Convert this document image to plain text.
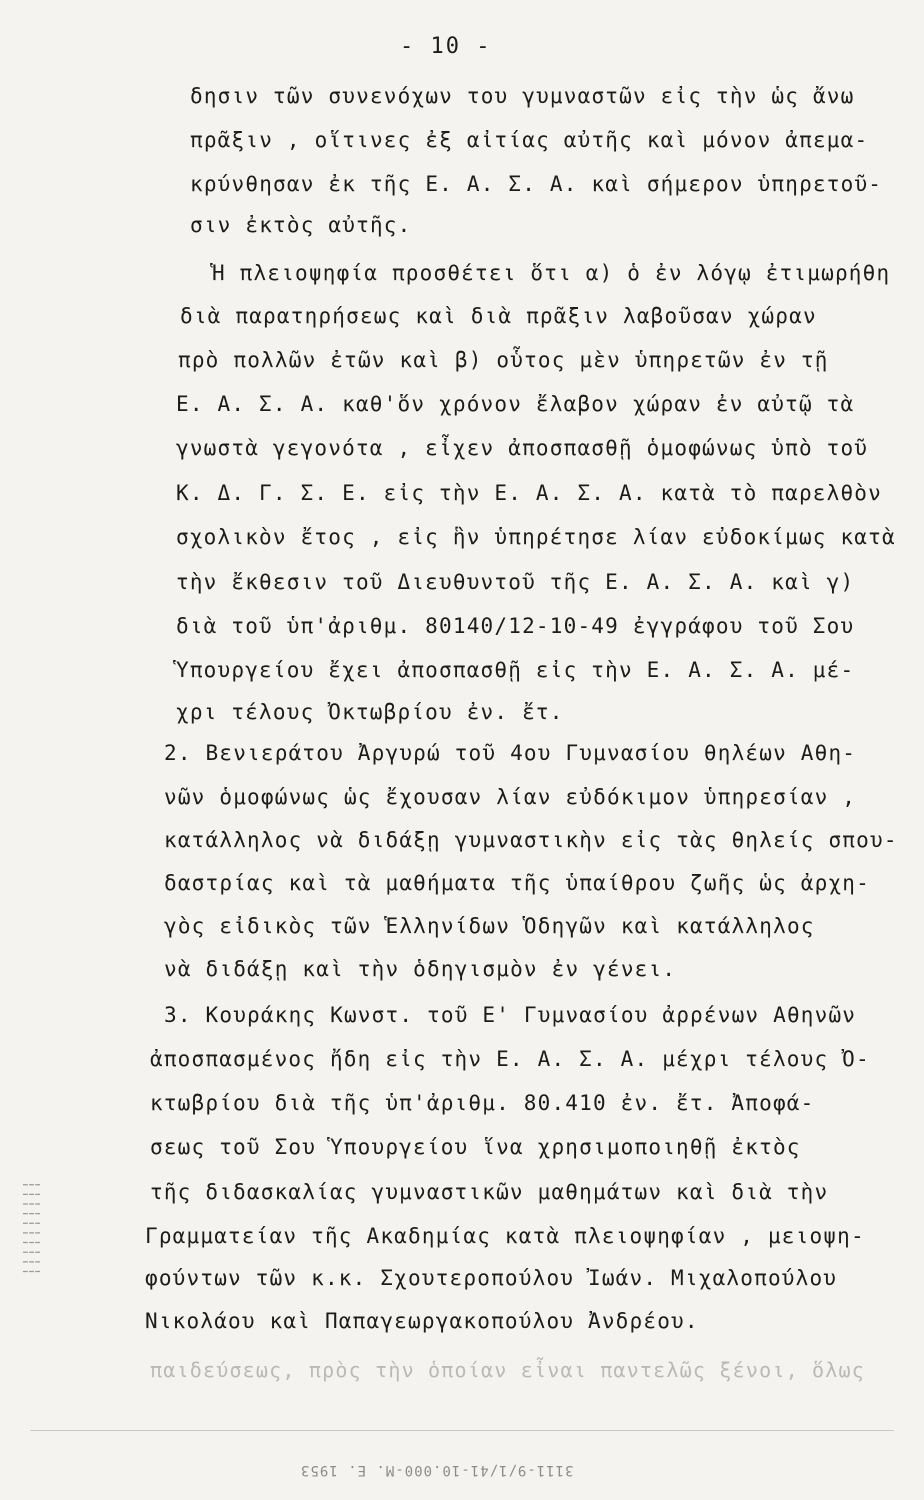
- 10 -
δησιν τῶν συνενόχων του γυμναστῶν εἰς τὴν ὡς ἄνω
πρᾶξιν , οἵτινες ἐξ αἰτίας αὐτῆς καὶ μόνον ἀπεμα-
κρύνθησαν ἐκ τῆς Ε. Α. Σ. Α. καὶ σήμερον ὑπηρετοῦ-
σιν ἐκτὸς αὐτῆς.
Ἡ πλειοψηφία προσθέτει ὅτι α) ὁ ἐν λόγῳ ἐτιμωρήθη
διὰ παρατηρήσεως καὶ διὰ πρᾶξιν λαβοῦσαν χώραν
πρὸ πολλῶν ἐτῶν καὶ β) οὗτος μὲν ὑπηρετῶν ἐν τῇ
Ε. Α. Σ. Α. καθ'ὅν χρόνον ἔλαβον χώραν ἐν αὐτῷ τὰ
γνωστὰ γεγονότα , εἶχεν ἀποσπασθῇ ὁμοφώνως ὑπὸ τοῦ
Κ. Δ. Γ. Σ. Ε. εἰς τὴν Ε. Α. Σ. Α. κατὰ τὸ παρελθὸν
σχολικὸν ἔτος , εἰς ἣν ὑπηρέτησε λίαν εὐδοκίμως κατὰ
τὴν ἔκθεσιν τοῦ Διευθυντοῦ τῆς Ε. Α. Σ. Α. καὶ γ)
διὰ τοῦ ὑπ'ἀριθμ. 80140/12-10-49 ἐγγράφου τοῦ Σου
Ὑπουργείου ἔχει ἀποσπασθῇ εἰς τὴν Ε. Α. Σ. Α. μέ-
χρι τέλους Ὀκτωβρίου ἐν. ἔτ.
2. Βενιεράτου Ἀργυρώ τοῦ 4ου Γυμνασίου θηλέων Αθη-
νῶν ὁμοφώνως ὡς ἔχουσαν λίαν εὐδόκιμον ὑπηρεσίαν ,
κατάλληλος νὰ διδάξῃ γυμναστικὴν εἰς τὰς θηλείς σπου-
δαστρίας καὶ τὰ μαθήματα τῆς ὑπαίθρου ζωῆς ὡς ἀρχη-
γὸς εἰδικὸς τῶν Ἑλληνίδων Ὁδηγῶν καὶ κατάλληλος
νὰ διδάξῃ καὶ τὴν ὁδηγισμὸν ἐν γένει.
3. Κουράκης Κωνστ. τοῦ Ε' Γυμνασίου ἀρρένων Αθηνῶν
ἀποσπασμένος ἤδη εἰς τὴν Ε. Α. Σ. Α. μέχρι τέλους Ὀ-
κτωβρίου διὰ τῆς ὑπ'ἀριθμ. 80.410 ἐν. ἔτ. Ἀποφά-
σεως τοῦ Σου Ὑπουργείου ἵνα χρησιμοποιηθῇ ἐκτὸς
τῆς διδασκαλίας γυμναστικῶν μαθημάτων καὶ διὰ τὴν
Γραμματείαν τῆς Ακαδημίας κατὰ πλειοψηφίαν , μειοψη-
φούντων τῶν κ.κ. Σχουτεροπούλου Ἰωάν. Μιχαλοπούλου
Νικολάου καὶ Παπαγεωργακοπούλου Ἀνδρέου.
παιδεύσεως, πρὸς τὴν ὁποίαν εἶναι παντελῶς ξένοι, ὅλως
3111-9/1/41-10.000-M. E. 1953
┆┆┆┆┆┆┆┆┆┆
